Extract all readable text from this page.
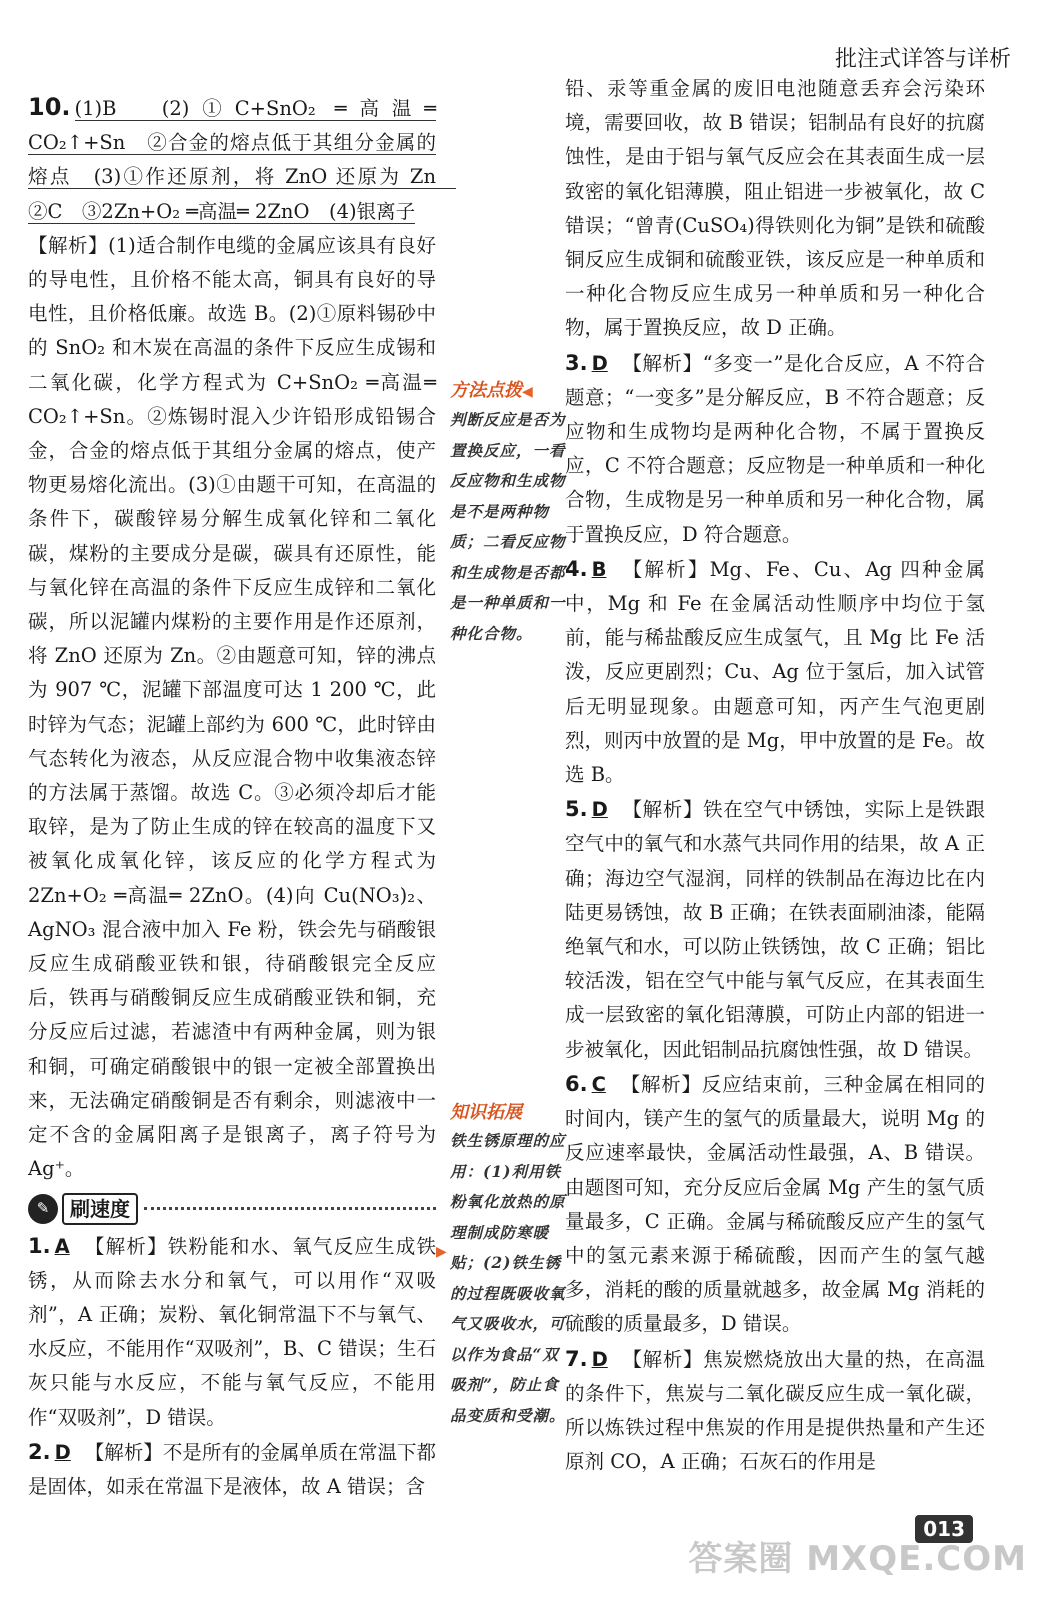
批注式详答与详析

10. (1)B　(2)①C+SnO₂ ═高温═ CO₂↑+Sn　②合金的熔点低于其组分金属的熔点　(3)①作还原剂，将 ZnO 还原为 Zn　②C　③2Zn+O₂ ═高温═ 2ZnO　(4)银离子

【解析】(1)适合制作电缆的金属应该具有良好的导电性，且价格不能太高，铜具有良好的导电性，且价格低廉。故选 B。(2)①原料锡砂中的 SnO₂ 和木炭在高温的条件下反应生成锡和二氧化碳，化学方程式为 C+SnO₂ ═高温═ CO₂↑+Sn。②炼锡时混入少许铅形成铅锡合金，合金的熔点低于其组分金属的熔点，使产物更易熔化流出。(3)①由题干可知，在高温的条件下，碳酸锌易分解生成氧化锌和二氧化碳，煤粉的主要成分是碳，碳具有还原性，能与氧化锌在高温的条件下反应生成锌和二氧化碳，所以泥罐内煤粉的主要作用是作还原剂，将 ZnO 还原为 Zn。②由题意可知，锌的沸点为 907 ℃，泥罐下部温度可达 1 200 ℃，此时锌为气态；泥罐上部约为 600 ℃，此时锌由气态转化为液态，从反应混合物中收集液态锌的方法属于蒸馏。故选 C。③必须冷却后才能取锌，是为了防止生成的锌在较高的温度下又被氧化成氧化锌，该反应的化学方程式为 2Zn+O₂ ═高温═ 2ZnO。(4)向 Cu(NO₃)₂、AgNO₃ 混合液中加入 Fe 粉，铁会先与硝酸银反应生成硝酸亚铁和银，待硝酸银完全反应后，铁再与硝酸铜反应生成硝酸亚铁和铜，充分反应后过滤，若滤渣中有两种金属，则为银和铜，可确定硝酸银中的银一定被全部置换出来，无法确定硝酸铜是否有剩余，则滤液中一定不含的金属阳离子是银离子，离子符号为 Ag⁺。

✎	刷速度

1. A 【解析】铁粉能和水、氧气反应生成铁锈，从而除去水分和氧气，可以用作“双吸剂”，A 正确；炭粉、氧化铜常温下不与氧气、水反应，不能用作“双吸剂”，B、C 错误；生石灰只能与水反应，不能与氧气反应，不能用作“双吸剂”，D 错误。

2. D 【解析】不是所有的金属单质在常温下都是固体，如汞在常温下是液体，故 A 错误；含

方法点拨◀
判断反应是否为置换反应，一看反应物和生成物是不是两种物质；二看反应物和生成物是否都是一种单质和一种化合物。
知识拓展
铁生锈原理的应用：(1)利用铁粉氧化放热的原理制成防寒暖贴；(2)铁生锈的过程既吸收氧气又吸收水，可以作为食品“双吸剂”，防止食品变质和受潮。
▶

铅、汞等重金属的废旧电池随意丢弃会污染环境，需要回收，故 B 错误；铝制品有良好的抗腐蚀性，是由于铝与氧气反应会在其表面生成一层致密的氧化铝薄膜，阻止铝进一步被氧化，故 C 错误；“曾青(CuSO₄)得铁则化为铜”是铁和硫酸铜反应生成铜和硫酸亚铁，该反应是一种单质和一种化合物反应生成另一种单质和另一种化合物，属于置换反应，故 D 正确。

3. D 【解析】“多变一”是化合反应，A 不符合题意；“一变多”是分解反应，B 不符合题意；反应物和生成物均是两种化合物，不属于置换反应，C 不符合题意；反应物是一种单质和一种化合物，生成物是另一种单质和另一种化合物，属于置换反应，D 符合题意。

4. B 【解析】Mg、Fe、Cu、Ag 四种金属中，Mg 和 Fe 在金属活动性顺序中均位于氢前，能与稀盐酸反应生成氢气，且 Mg 比 Fe 活泼，反应更剧烈；Cu、Ag 位于氢后，加入试管后无明显现象。由题意可知，丙产生气泡更剧烈，则丙中放置的是 Mg，甲中放置的是 Fe。故选 B。

5. D 【解析】铁在空气中锈蚀，实际上是铁跟空气中的氧气和水蒸气共同作用的结果，故 A 正确；海边空气湿润，同样的铁制品在海边比在内陆更易锈蚀，故 B 正确；在铁表面刷油漆，能隔绝氧气和水，可以防止铁锈蚀，故 C 正确；铝比较活泼，铝在空气中能与氧气反应，在其表面生成一层致密的氧化铝薄膜，可防止内部的铝进一步被氧化，因此铝制品抗腐蚀性强，故 D 错误。

6. C 【解析】反应结束前，三种金属在相同的时间内，镁产生的氢气的质量最大，说明 Mg 的反应速率最快，金属活动性最强，A、B 错误。由题图可知，充分反应后金属 Mg 产生的氢气质量最多，C 正确。金属与稀硫酸反应产生的氢气中的氢元素来源于稀硫酸，因而产生的氢气越多，消耗的酸的质量就越多，故金属 Mg 消耗的硫酸的质量最多，D 错误。

7. D 【解析】焦炭燃烧放出大量的热，在高温的条件下，焦炭与二氧化碳反应生成一氧化碳，所以炼铁过程中焦炭的作用是提供热量和产生还原剂 CO，A 正确；石灰石的作用是

013
答案圈 MXQE.COM
